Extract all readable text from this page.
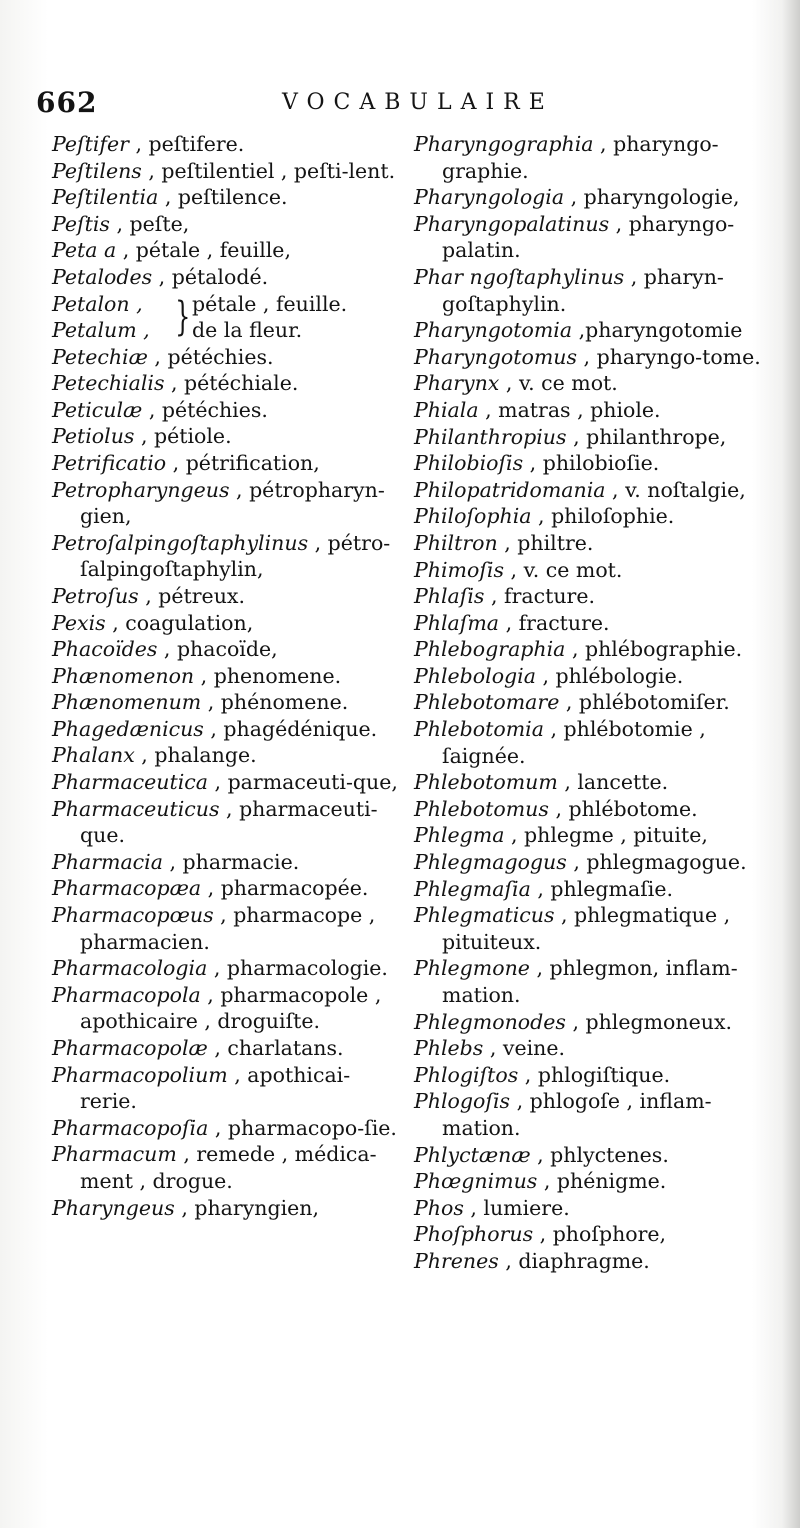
662	VOCABULAIRE
Peſtifer , peſtifere.
Peſtilens , peſtilentiel , peſti-lent.
Peſtilentia , peſtilence.
Peſtis , peſte,
Peta a , pétale , feuille,
Petalodes , pétalodé.
Petalon ,
Petalum , } pétale , feuille.
de la fleur.
Petechiæ , pétéchies.
Petechialis , pétéchiale.
Peticulæ , pétéchies.
Petiolus , pétiole.
Petrificatio , pétrification,
Petropharyngeus , pétropharyn-gien,
Petroſalpingoſtaphylinus , pétro-ſalpingoſtaphylin,
Petroſus , pétreux.
Pexis , coagulation,
Phacoïdes , phacoïde,
Phænomenon , phenomene.
Phænomenum , phénomene.
Phagedænicus , phagédénique.
Phalanx , phalange.
Pharmaceutica , parmaceuti-que,
Pharmaceuticus , pharmaceuti-que.
Pharmacia , pharmacie.
Pharmacopæa , pharmacopée.
Pharmacopœus , pharmacope , pharmacien.
Pharmacologia , pharmacologie.
Pharmacopola , pharmacopole , apothicaire , droguiſte.
Pharmacopolæ , charlatans.
Pharmacopolium , apothicai-rerie.
Pharmacopoſia , pharmacopo-ſie.
Pharmacum , remede , médica-ment , drogue.
Pharyngeus , pharyngien,
Pharyngographia , pharyngo-graphie.
Pharyngologia , pharyngologie,
Pharyngopalatinus , pharyngo-palatin.
Phar ngoſtaphylinus , pharyn-goſtaphylin.
Pharyngotomia ,pharyngotomie
Pharyngotomus , pharyngo-tome.
Pharynx , v. ce mot.
Phiala , matras , phiole.
Philanthropius , philanthrope,
Philobioſis , philobioſie.
Philopatridomania , v. noſtalgie,
Philoſophia , philoſophie.
Philtron , philtre.
Phimoſis , v. ce mot.
Phlaſis , fracture.
Phlaſma , fracture.
Phlebographia , phlébographie.
Phlebologia , phlébologie.
Phlebotomare , phlébotomiſer.
Phlebotomia , phlébotomie , ſaignée.
Phlebotomum , lancette.
Phlebotomus , phlébotome.
Phlegma , phlegme , pituite,
Phlegmagogus , phlegmagogue.
Phlegmaſia , phlegmaſie.
Phlegmaticus , phlegmatique , pituiteux.
Phlegmone , phlegmon, inflam-mation.
Phlegmonodes , phlegmoneux.
Phlebs , veine.
Phlogiſtos , phlogiſtique.
Phlogoſis , phlogoſe , inflam-mation.
Phlyctænæ , phlyctenes.
Phœgnimus , phénigme.
Phos , lumiere.
Phoſphorus , phoſphore,
Phrenes , diaphragme.
